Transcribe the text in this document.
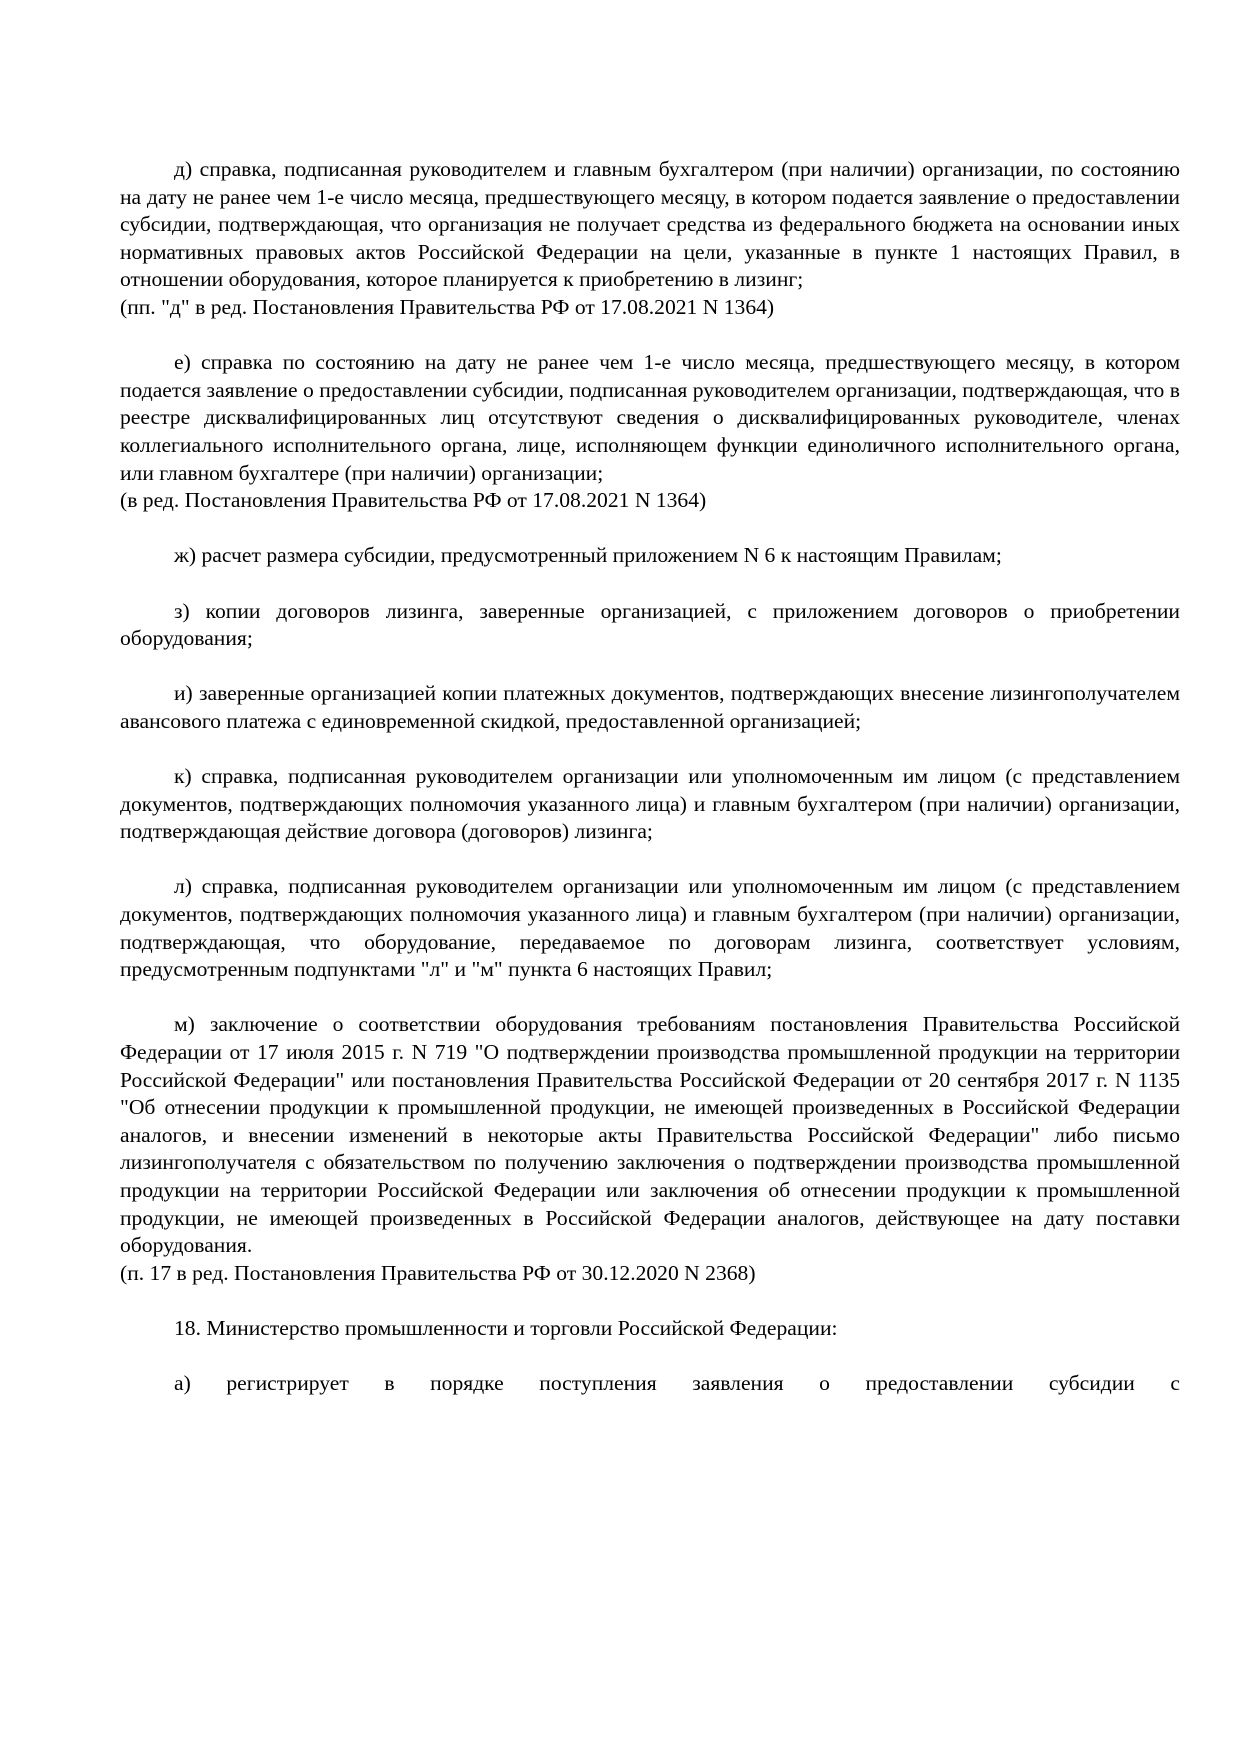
д) справка, подписанная руководителем и главным бухгалтером (при наличии) организации, по состоянию на дату не ранее чем 1-е число месяца, предшествующего месяцу, в котором подается заявление о предоставлении субсидии, подтверждающая, что организация не получает средства из федерального бюджета на основании иных нормативных правовых актов Российской Федерации на цели, указанные в пункте 1 настоящих Правил, в отношении оборудования, которое планируется к приобретению в лизинг;

(пп. "д" в ред. Постановления Правительства РФ от 17.08.2021 N 1364)

е) справка по состоянию на дату не ранее чем 1-е число месяца, предшествующего месяцу, в котором подается заявление о предоставлении субсидии, подписанная руководителем организации, подтверждающая, что в реестре дисквалифицированных лиц отсутствуют сведения о дисквалифицированных руководителе, членах коллегиального исполнительного органа, лице, исполняющем функции единоличного исполнительного органа, или главном бухгалтере (при наличии) организации;

(в ред. Постановления Правительства РФ от 17.08.2021 N 1364)

ж) расчет размера субсидии, предусмотренный приложением N 6 к настоящим Правилам;

з) копии договоров лизинга, заверенные организацией, с приложением договоров о приобретении оборудования;

и) заверенные организацией копии платежных документов, подтверждающих внесение лизингополучателем авансового платежа с единовременной скидкой, предоставленной организацией;

к) справка, подписанная руководителем организации или уполномоченным им лицом (с представлением документов, подтверждающих полномочия указанного лица) и главным бухгалтером (при наличии) организации, подтверждающая действие договора (договоров) лизинга;

л) справка, подписанная руководителем организации или уполномоченным им лицом (с представлением документов, подтверждающих полномочия указанного лица) и главным бухгалтером (при наличии) организации, подтверждающая, что оборудование, передаваемое по договорам лизинга, соответствует условиям, предусмотренным подпунктами "л" и "м" пункта 6 настоящих Правил;

м) заключение о соответствии оборудования требованиям постановления Правительства Российской Федерации от 17 июля 2015 г. N 719 "О подтверждении производства промышленной продукции на территории Российской Федерации" или постановления Правительства Российской Федерации от 20 сентября 2017 г. N 1135 "Об отнесении продукции к промышленной продукции, не имеющей произведенных в Российской Федерации аналогов, и внесении изменений в некоторые акты Правительства Российской Федерации" либо письмо лизингополучателя с обязательством по получению заключения о подтверждении производства промышленной продукции на территории Российской Федерации или заключения об отнесении продукции к промышленной продукции, не имеющей произведенных в Российской Федерации аналогов, действующее на дату поставки оборудования.

(п. 17 в ред. Постановления Правительства РФ от 30.12.2020 N 2368)

18. Министерство промышленности и торговли Российской Федерации:

а) регистрирует в порядке поступления заявления о предоставлении субсидии с
